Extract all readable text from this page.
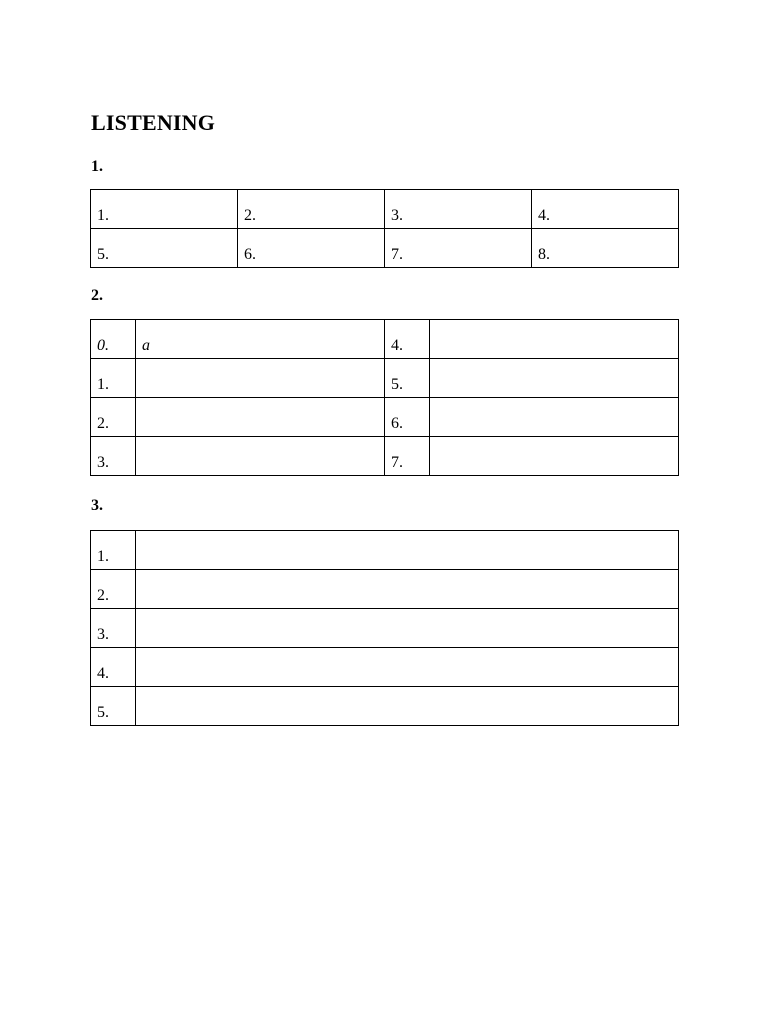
LISTENING
1.
1.	2.	3.	4.
5.	6.	7.	8.
2.
0.	a	4.	
1.		5.	
2.		6.	
3.		7.	
3.
1.	
2.	
3.	
4.	
5.	
